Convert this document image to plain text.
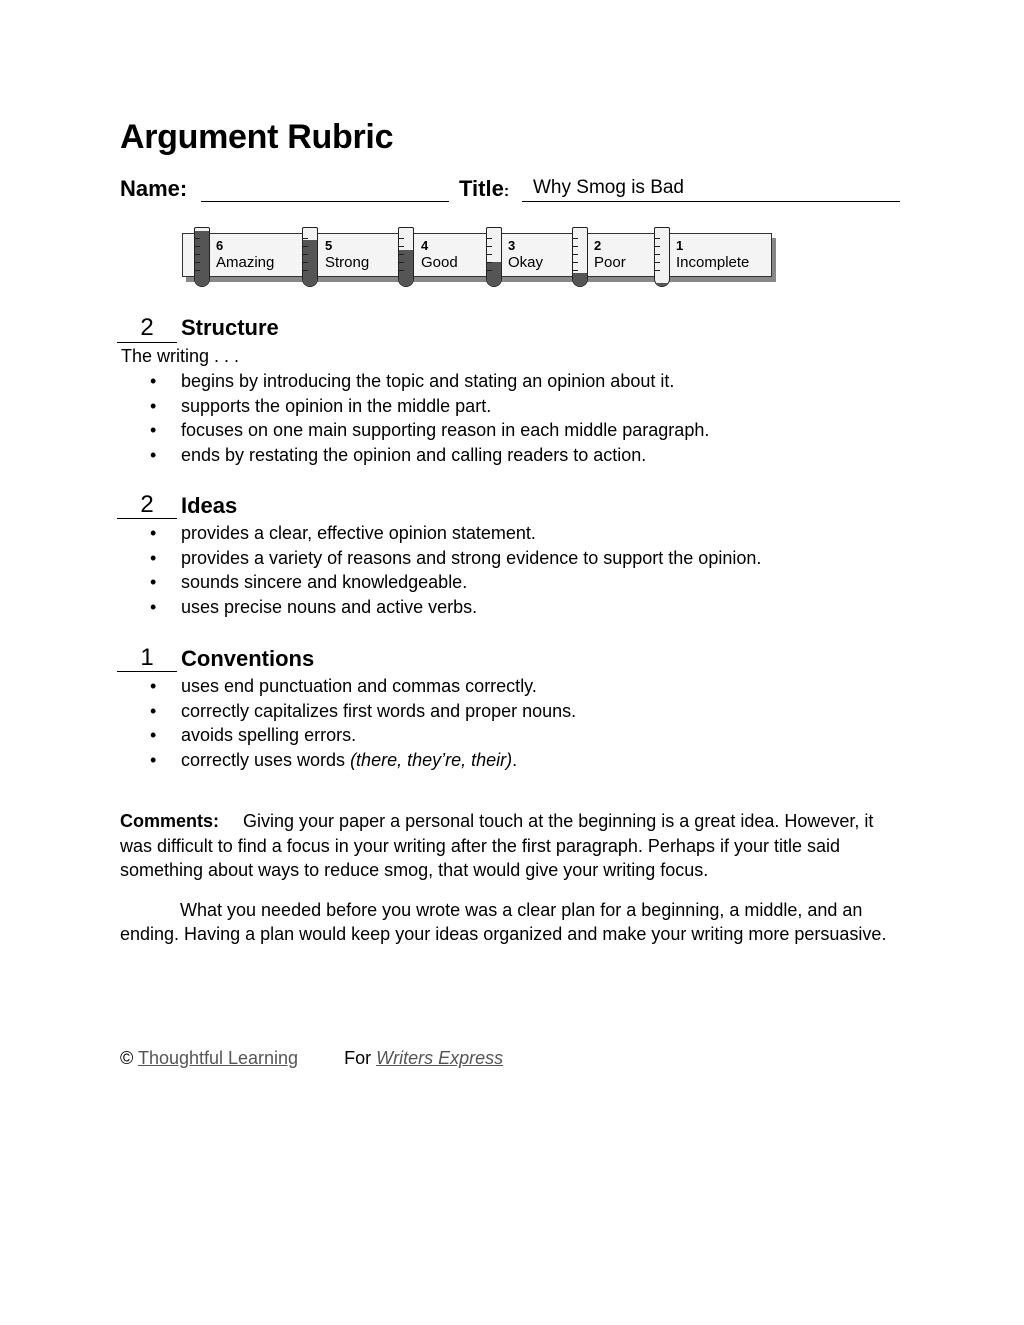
Argument Rubric
Name:	Title: Why Smog is Bad
6
Amazing
5
Strong
4
Good
3
Okay
2
Poor
1
Incomplete
2	Structure
The writing . . .
• begins by introducing the topic and stating an opinion about it.
• supports the opinion in the middle part.
• focuses on one main supporting reason in each middle paragraph.
• ends by restating the opinion and calling readers to action.
2	Ideas
• provides a clear, effective opinion statement.
• provides a variety of reasons and strong evidence to support the opinion.
• sounds sincere and knowledgeable.
• uses precise nouns and active verbs.
1	Conventions
• uses end punctuation and commas correctly.
• correctly capitalizes first words and proper nouns.
• avoids spelling errors.
• correctly uses words (there, they’re, their).

Comments: Giving your paper a personal touch at the beginning is a great idea. However, it was difficult to find a focus in your writing after the first paragraph. Perhaps if your title said something about ways to reduce smog, that would give your writing focus.

What you needed before you wrote was a clear plan for a beginning, a middle, and an ending. Having a plan would keep your ideas organized and make your writing more persuasive.

© Thoughtful Learning	For Writers Express
